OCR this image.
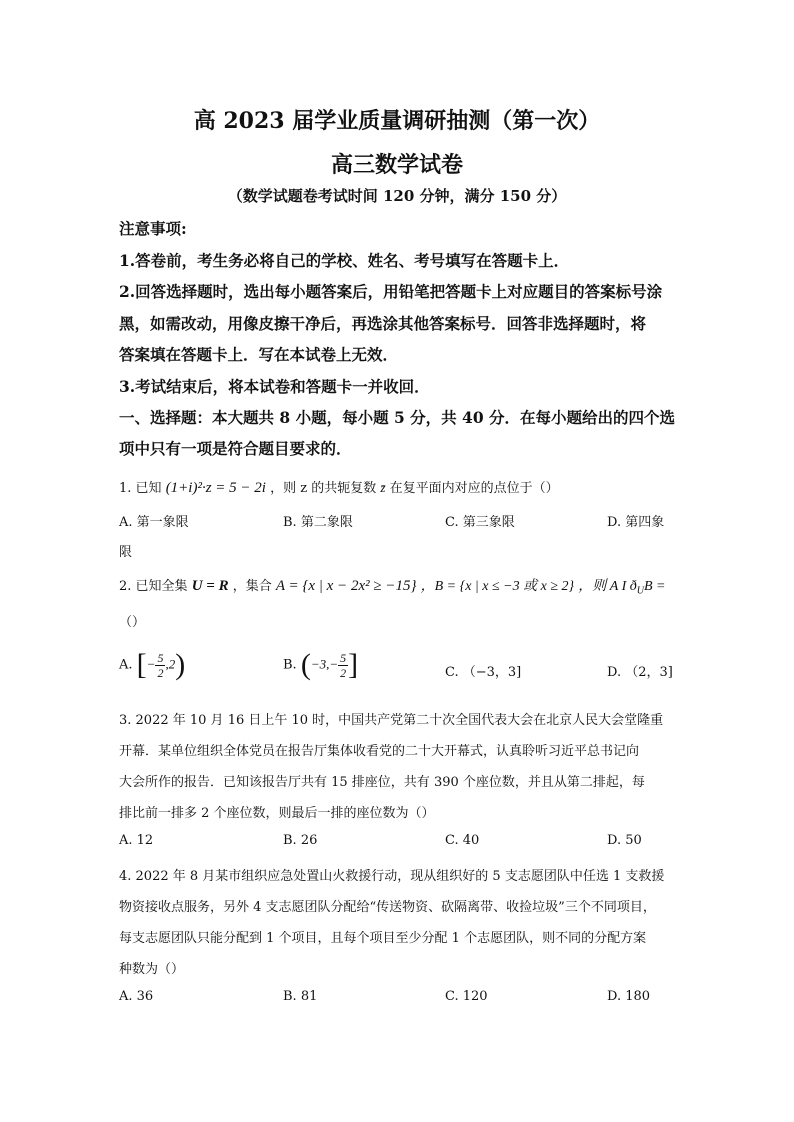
高 2023 届学业质量调研抽测（第一次）
高三数学试卷
（数学试题卷考试时间 120 分钟，满分 150 分）
注意事项:
1.答卷前，考生务必将自己的学校、姓名、考号填写在答题卡上．
2.回答选择题时，选出每小题答案后，用铅笔把答题卡上对应题目的答案标号涂
黑，如需改动，用像皮擦干净后，再选涂其他答案标号．回答非选择题时，将
答案填在答题卡上．写在本试卷上无效．
3.考试结束后，将本试卷和答题卡一并收回．
一、选择题：本大题共 8 小题，每小题 5 分，共 40 分．在每小题给出的四个选
项中只有一项是符合题目要求的．
1. 已知 (1+i)²·z = 5 − 2i ，则 z 的共轭复数 z̄ 在复平面内对应的点位于（）
A. 第一象限	B. 第二象限	C. 第三象限	D. 第四象
限
2. 已知全集 U = R ，集合 A = {x | x − 2x² ≥ −15} ，B = {x | x ≤ −3 或 x ≥ 2} ，则 A I $ð_UB$ =
（）
A. [− $\frac{5}{2} ,2$)	B. ($-3,- \frac{5}{2}$ ]	C. （−3，3]	D. （2，3]
3. 2022 年 10 月 16 日上午 10 时，中国共产党第二十次全国代表大会在北京人民大会堂隆重
开幕．某单位组织全体党员在报告厅集体收看党的二十大开幕式，认真聆听习近平总书记向
大会所作的报告．已知该报告厅共有 15 排座位，共有 390 个座位数，并且从第二排起，每
排比前一排多 2 个座位数，则最后一排的座位数为（）
A. 12	B. 26	C. 40	D. 50
4. 2022 年 8 月某市组织应急处置山火救援行动，现从组织好的 5 支志愿团队中任选 1 支救援
物资接收点服务，另外 4 支志愿团队分配给“传送物资、砍隔离带、收捡垃圾”三个不同项目，
每支志愿团队只能分配到 1 个项目，且每个项目至少分配 1 个志愿团队，则不同的分配方案
种数为（）
A. 36	B. 81	C. 120	D. 180
